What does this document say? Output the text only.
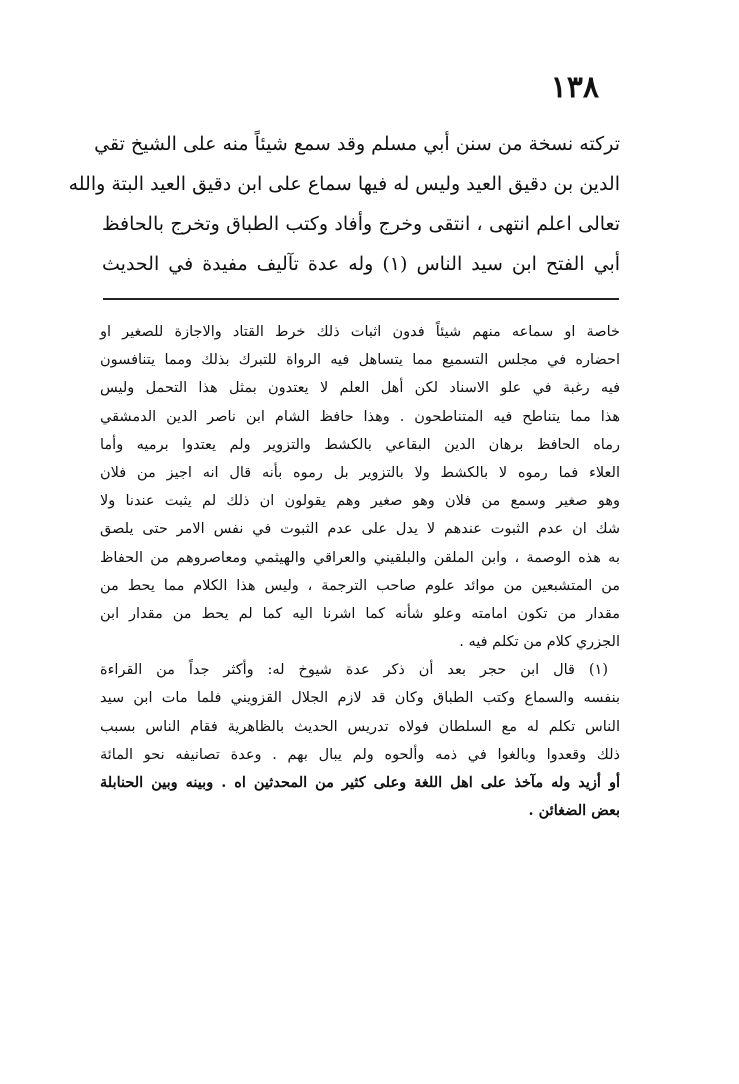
١٣٨
تركته نسخة من سنن أبي مسلم وقد سمع شيئاً منه على الشيخ تقي
الدين بن دقيق العيد وليس له فيها سماع على ابن دقيق العيد البتة والله
تعالى اعلم انتهى ، انتقى وخرج وأفاد وكتب الطباق وتخرج بالحافظ
أبي الفتح ابن سيد الناس (١) وله عدة تآليف مفيدة في الحديث
خاصة او سماعه منهم شيئاً فدون اثبات ذلك خرط القتاد والاجازة للصغير او
احضاره في مجلس التسميع مما يتساهل فيه الرواة للتبرك بذلك ومما يتنافسون
فيه رغبة في علو الاسناد لكن أهل العلم لا يعتدون بمثل هذا التحمل وليس
هذا مما يتناطح فيه المتناطحون . وهذا حافظ الشام ابن ناصر الدين الدمشقي
رماه الحافظ برهان الدين البقاعي بالكشط والتزوير ولم يعتدوا برميه وأما
العلاء فما رموه لا بالكشط ولا بالتزوير بل رموه بأنه قال انه اجيز من فلان
وهو صغير وسمع من فلان وهو صغير وهم يقولون ان ذلك لم يثبت عندنا ولا
شك ان عدم الثبوت عندهم لا يدل على عدم الثبوت في نفس الامر حتى يلصق
به هذه الوصمة ، وابن الملقن والبلقيني والعراقي والهيثمي ومعاصروهم من الحفاظ
من المتشبعين من موائد علوم صاحب الترجمة ، وليس هذا الكلام مما يحط من
مقدار من تكون امامته وعلو شأنه كما اشرنا اليه كما لم يحط من مقدار ابن
الجزري كلام من تكلم فيه .
(١) قال ابن حجر بعد أن ذكر عدة شيوخ له: وأكثر جداً من القراءة
بنفسه والسماع وكتب الطباق وكان قد لازم الجلال القزويني فلما مات ابن سيد
الناس تكلم له مع السلطان فولاه تدريس الحديث بالظاهرية فقام الناس بسبب
ذلك وقعدوا وبالغوا في ذمه وألحوه ولم يبال بهم . وعدة تصانيفه نحو المائة
أو أزيد وله مآخذ على اهل اللغة وعلى كثير من المحدثين اه . وبينه وبين الحنابلة
بعض الضغائن .
